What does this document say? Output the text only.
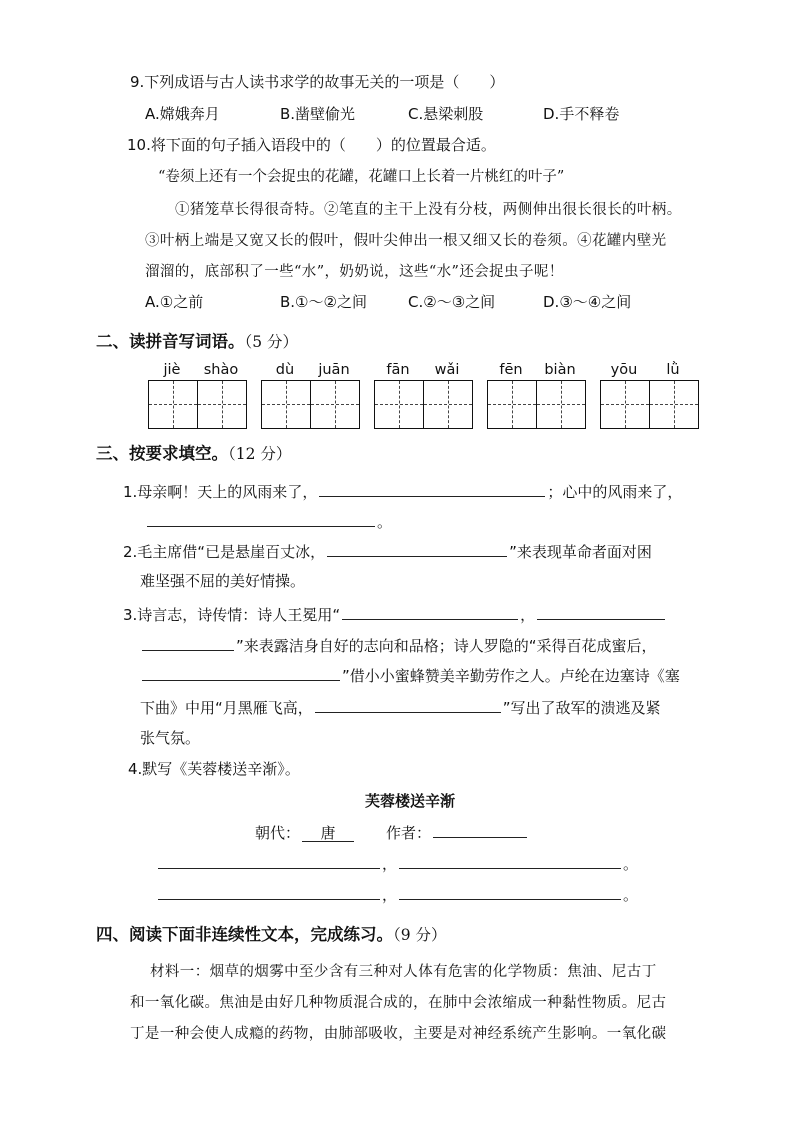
9.下列成语与古人读书求学的故事无关的一项是（　　）
A.嫦娥奔月	B.凿壁偷光	C.悬梁刺股	D.手不释卷
10.将下面的句子插入语段中的（　　）的位置最合适。
“卷须上还有一个会捉虫的花罐，花罐口上长着一片桃红的叶子”
①猪笼草长得很奇特。②笔直的主干上没有分枝，两侧伸出很长很长的叶柄。
③叶柄上端是又宽又长的假叶，假叶尖伸出一根又细又长的卷须。④花罐内壁光
溜溜的，底部积了一些“水”，奶奶说，这些“水”还会捉虫子呢！
A.①之前	B.①～②之间	C.②～③之间	D.③～④之间
二、读拼音写词语。（5 分）
jiè	shào	dù	juān	fān	wǎi	fēn	biàn	yōu	lǜ
三、按要求填空。（12 分）
1.母亲啊！天上的风雨来了，	；心中的风雨来了，
。
2.毛主席借“已是悬崖百丈冰，	”来表现革命者面对困
难坚强不屈的美好情操。
3.诗言志，诗传情：诗人王冕用“	，
”来表露洁身自好的志向和品格；诗人罗隐的“采得百花成蜜后，
”借小小蜜蜂赞美辛勤劳作之人。卢纶在边塞诗《塞
下曲》中用“月黑雁飞高，	”写出了敌军的溃逃及紧
张气氛。
4.默写《芙蓉楼送辛渐》。
芙蓉楼送辛渐
朝代： 唐	作者：
，	。
，	。
四、阅读下面非连续性文本，完成练习。（9 分）
材料一：烟草的烟雾中至少含有三种对人体有危害的化学物质：焦油、尼古丁
和一氧化碳。焦油是由好几种物质混合成的，在肺中会浓缩成一种黏性物质。尼古
丁是一种会使人成瘾的药物，由肺部吸收，主要是对神经系统产生影响。一氧化碳
